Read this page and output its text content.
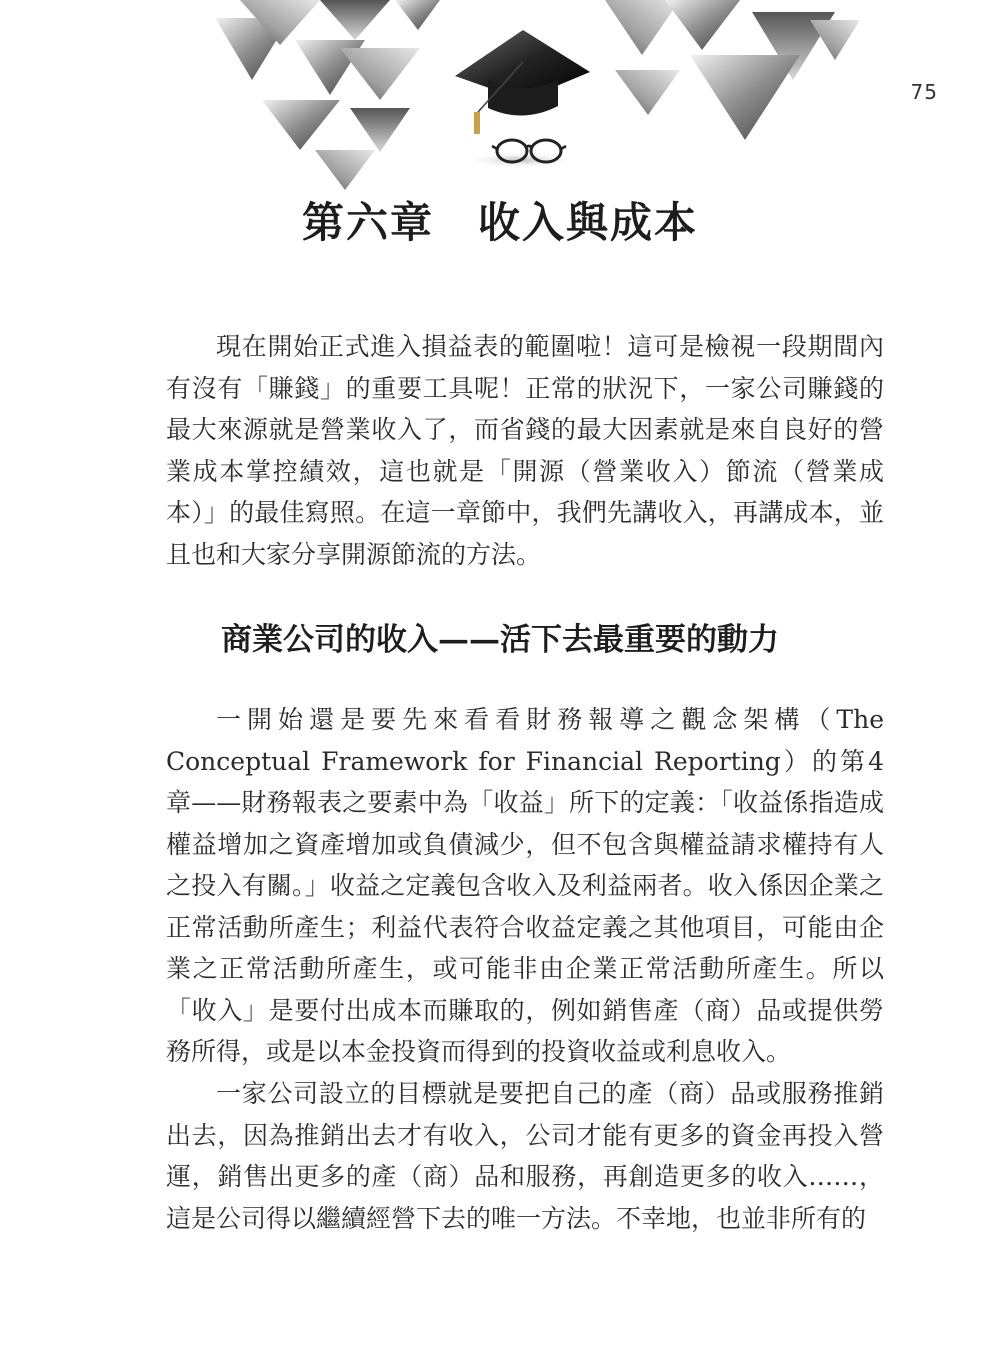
75
第六章　收入與成本

現在開始正式進入損益表的範圍啦！這可是檢視一段期間內有沒有「賺錢」的重要工具呢！正常的狀況下，一家公司賺錢的最大來源就是營業收入了，而省錢的最大因素就是來自良好的營業成本掌控績效，這也就是「開源（營業收入）節流（營業成本）」的最佳寫照。在這一章節中，我們先講收入，再講成本，並且也和大家分享開源節流的方法。

商業公司的收入——活下去最重要的動力

一開始還是要先來看看財務報導之觀念架構（The Conceptual Framework for Financial Reporting）的第4章——財務報表之要素中為「收益」所下的定義：「收益係指造成權益增加之資產增加或負債減少，但不包含與權益請求權持有人之投入有關。」收益之定義包含收入及利益兩者。收入係因企業之正常活動所產生；利益代表符合收益定義之其他項目，可能由企業之正常活動所產生，或可能非由企業正常活動所產生。所以「收入」是要付出成本而賺取的，例如銷售產（商）品或提供勞務所得，或是以本金投資而得到的投資收益或利息收入。

一家公司設立的目標就是要把自己的產（商）品或服務推銷出去，因為推銷出去才有收入，公司才能有更多的資金再投入營運，銷售出更多的產（商）品和服務，再創造更多的收入……，這是公司得以繼續經營下去的唯一方法。不幸地，也並非所有的
